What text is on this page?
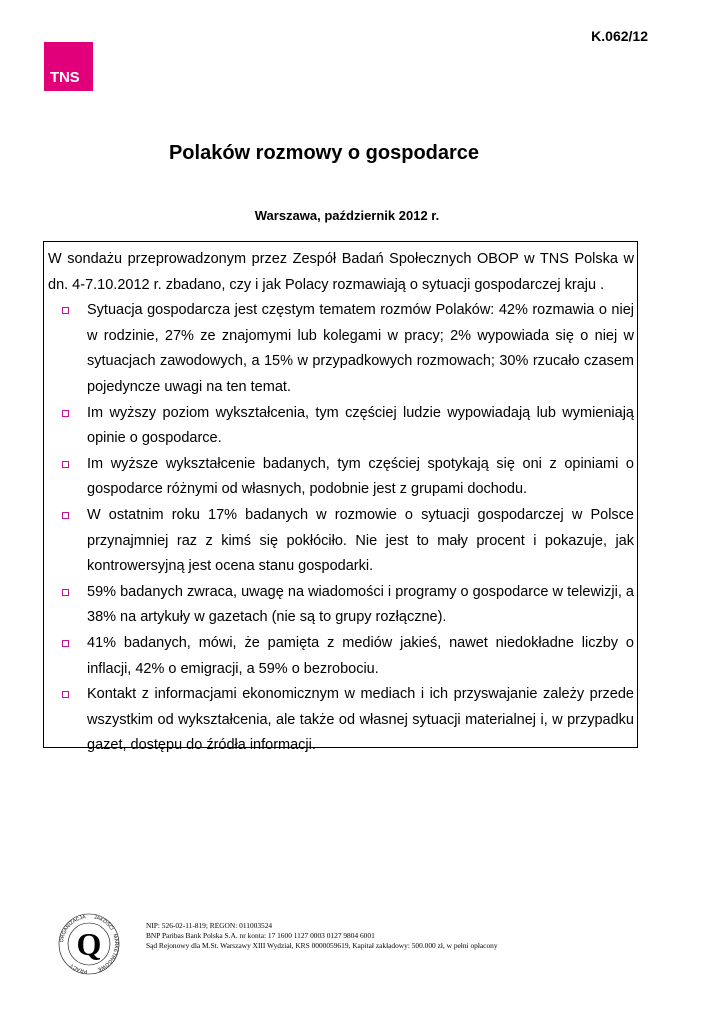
K.062/12
TNS
Polaków rozmowy o gospodarce
Warszawa, październik 2012 r.

W sondażu przeprowadzonym przez Zespół Badań Społecznych OBOP w TNS Polska w dn. 4-7.10.2012 r. zbadano, czy i jak Polacy rozmawiają o sytuacji gospodarczej kraju .

Sytuacja gospodarcza jest częstym tematem rozmów Polaków: 42% rozmawia o niej w rodzinie, 27% ze znajomymi lub kolegami w pracy; 2% wypowiada się o niej w sytuacjach zawodowych, a 15% w przypadkowych rozmowach; 30% rzucało czasem pojedyncze uwagi na ten temat.
Im wyższy poziom wykształcenia, tym częściej ludzie wypowiadają lub wymieniają opinie o gospodarce.
Im wyższe wykształcenie badanych, tym częściej spotykają się oni z opiniami o gospodarce różnymi od własnych, podobnie jest z grupami dochodu.
W ostatnim roku 17% badanych w rozmowie o sytuacji gospodarczej w Polsce przynajmniej raz z kimś się pokłóciło. Nie jest to mały procent i pokazuje, jak kontrowersyjną jest ocena stanu gospodarki.
59% badanych zwraca, uwagę na wiadomości i programy o gospodarce w telewizji, a 38% na artykuły w gazetach (nie są to grupy rozłączne).
41% badanych, mówi, że pamięta z mediów jakieś, nawet niedokładne liczby o inflacji, 42% o emigracji, a 59% o bezrobociu.
Kontakt z informacjami ekonomicznym w mediach i ich przyswajanie zależy przede wszystkim od wykształcenia, ale także od własnej sytuacji materialnej i, w przypadku gazet, dostępu do źródła informacji.
Q
ORGANIZACJA JAKOŚCI
MARKETINGOWE
PRACY
NIP: 526-02-11-819; REGON: 011003524
BNP Paribas Bank Polska S.A. nr konta: 17 1600 1127 0003 0127 9804 6001
Sąd Rejonowy dla M.St. Warszawy XIII Wydział, KRS 0000059619, Kapitał zakładowy: 500.000 zł, w pełni opłacony
